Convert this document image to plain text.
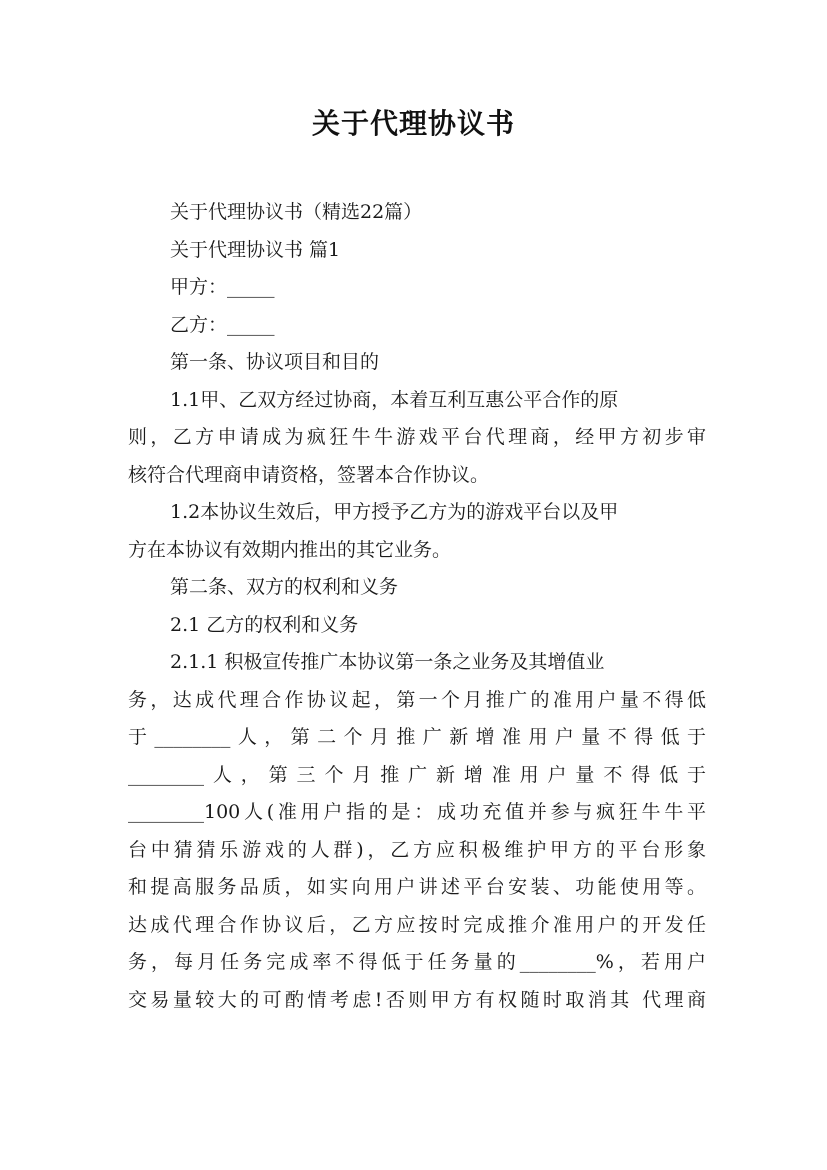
关于代理协议书

关于代理协议书（精选22篇）

关于代理协议书 篇1

甲方：_____

乙方：_____

第一条、协议项目和目的

1.1甲、乙双方经过协商，本着互利互惠公平合作的原

则，乙方申请成为疯狂牛牛游戏平台代理商，经甲方初步审

核符合代理商申请资格，签署本合作协议。

1.2本协议生效后，甲方授予乙方为的游戏平台以及甲

方在本协议有效期内推出的其它业务。

第二条、双方的权利和义务

2.1 乙方的权利和义务

2.1.1 积极宣传推广本协议第一条之业务及其增值业

务，达成代理合作协议起，第一个月推广的准用户量不得低

于________人，第二个月推广新增准用户量不得低于

________人，第三个月推广新增准用户量不得低于

________100人(准用户指的是：成功充值并参与疯狂牛牛平

台中猜猜乐游戏的人群)，乙方应积极维护甲方的平台形象

和提高服务品质，如实向用户讲述平台安装、功能使用等。

达成代理合作协议后，乙方应按时完成推介准用户的开发任

务，每月任务完成率不得低于任务量的________%，若用户

交易量较大的可酌情考虑!否则甲方有权随时取消其 代理商
